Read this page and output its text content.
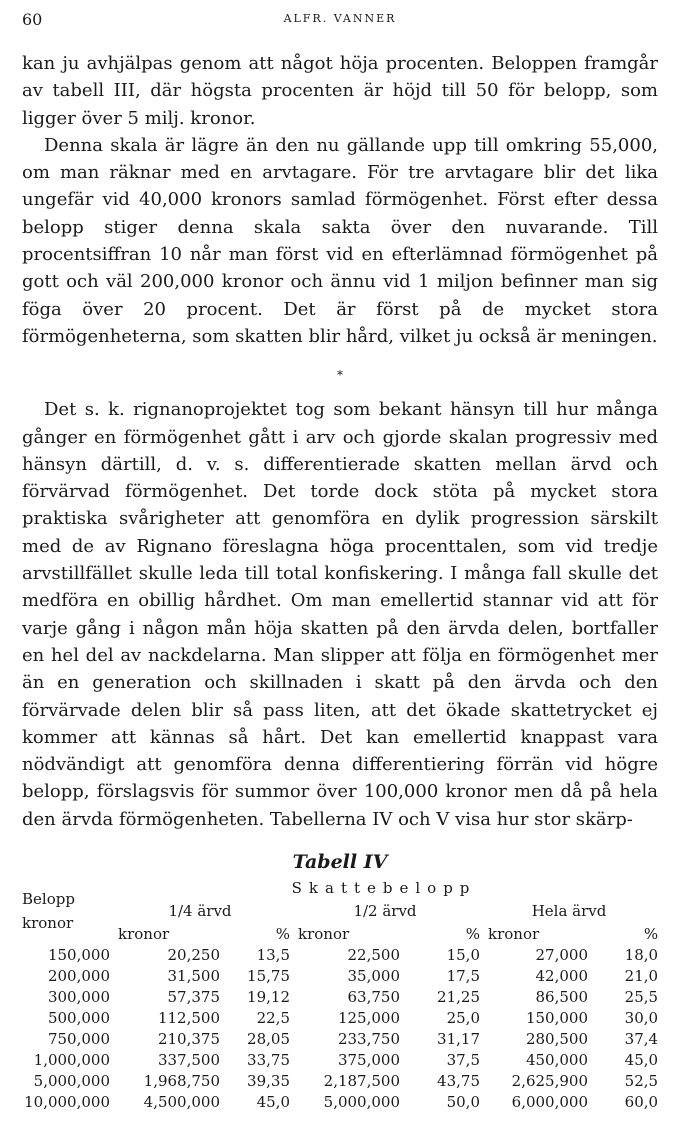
60	ALFR. VANNER

kan ju avhjälpas genom att något höja procenten. Beloppen framgår av tabell III, där högsta procenten är höjd till 50 för belopp, som ligger över 5 milj. kronor.

Denna skala är lägre än den nu gällande upp till omkring 55,000, om man räknar med en arvtagare. För tre arvtagare blir det lika ungefär vid 40,000 kronors samlad förmögenhet. Först efter dessa belopp stiger denna skala sakta över den nuvarande. Till procentsiffran 10 når man först vid en efterlämnad förmögenhet på gott och väl 200,000 kronor och ännu vid 1 miljon befinner man sig föga över 20 procent. Det är först på de mycket stora förmögenheterna, som skatten blir hård, vilket ju också är meningen.

*

Det s. k. rignanoprojektet tog som bekant hänsyn till hur många gånger en förmögenhet gått i arv och gjorde skalan progressiv med hänsyn därtill, d. v. s. differentierade skatten mellan ärvd och förvärvad förmögenhet. Det torde dock stöta på mycket stora praktiska svårigheter att genomföra en dylik progression särskilt med de av Rignano föreslagna höga procenttalen, som vid tredje arvstillfället skulle leda till total konfiskering. I många fall skulle det medföra en obillig hårdhet. Om man emellertid stannar vid att för varje gång i någon mån höja skatten på den ärvda delen, bortfaller en hel del av nackdelarna. Man slipper att följa en förmögenhet mer än en generation och skillnaden i skatt på den ärvda och den förvärvade delen blir så pass liten, att det ökade skattetrycket ej kommer att kännas så hårt. Det kan emellertid knappast vara nödvändigt att genomföra denna differentiering förrän vid högre belopp, förslagsvis för summor över 100,000 kronor men då på hela den ärvda förmögenheten. Tabellerna IV och V visa hur stor skärp-

Tabell IV
Belopp
kronor	Skattebelopp					
	1/4 ärvd		1/2 ärvd		Hela ärvd	
	kronor	%	kronor	%	kronor	%
150,000	20,250	13,5	22,500	15,0	27,000	18,0
200,000	31,500	15,75	35,000	17,5	42,000	21,0
300,000	57,375	19,12	63,750	21,25	86,500	25,5
500,000	112,500	22,5	125,000	25,0	150,000	30,0
750,000	210,375	28,05	233,750	31,17	280,500	37,4
1,000,000	337,500	33,75	375,000	37,5	450,000	45,0
5,000,000	1,968,750	39,35	2,187,500	43,75	2,625,900	52,5
10,000,000	4,500,000	45,0	5,000,000	50,0	6,000,000	60,0
